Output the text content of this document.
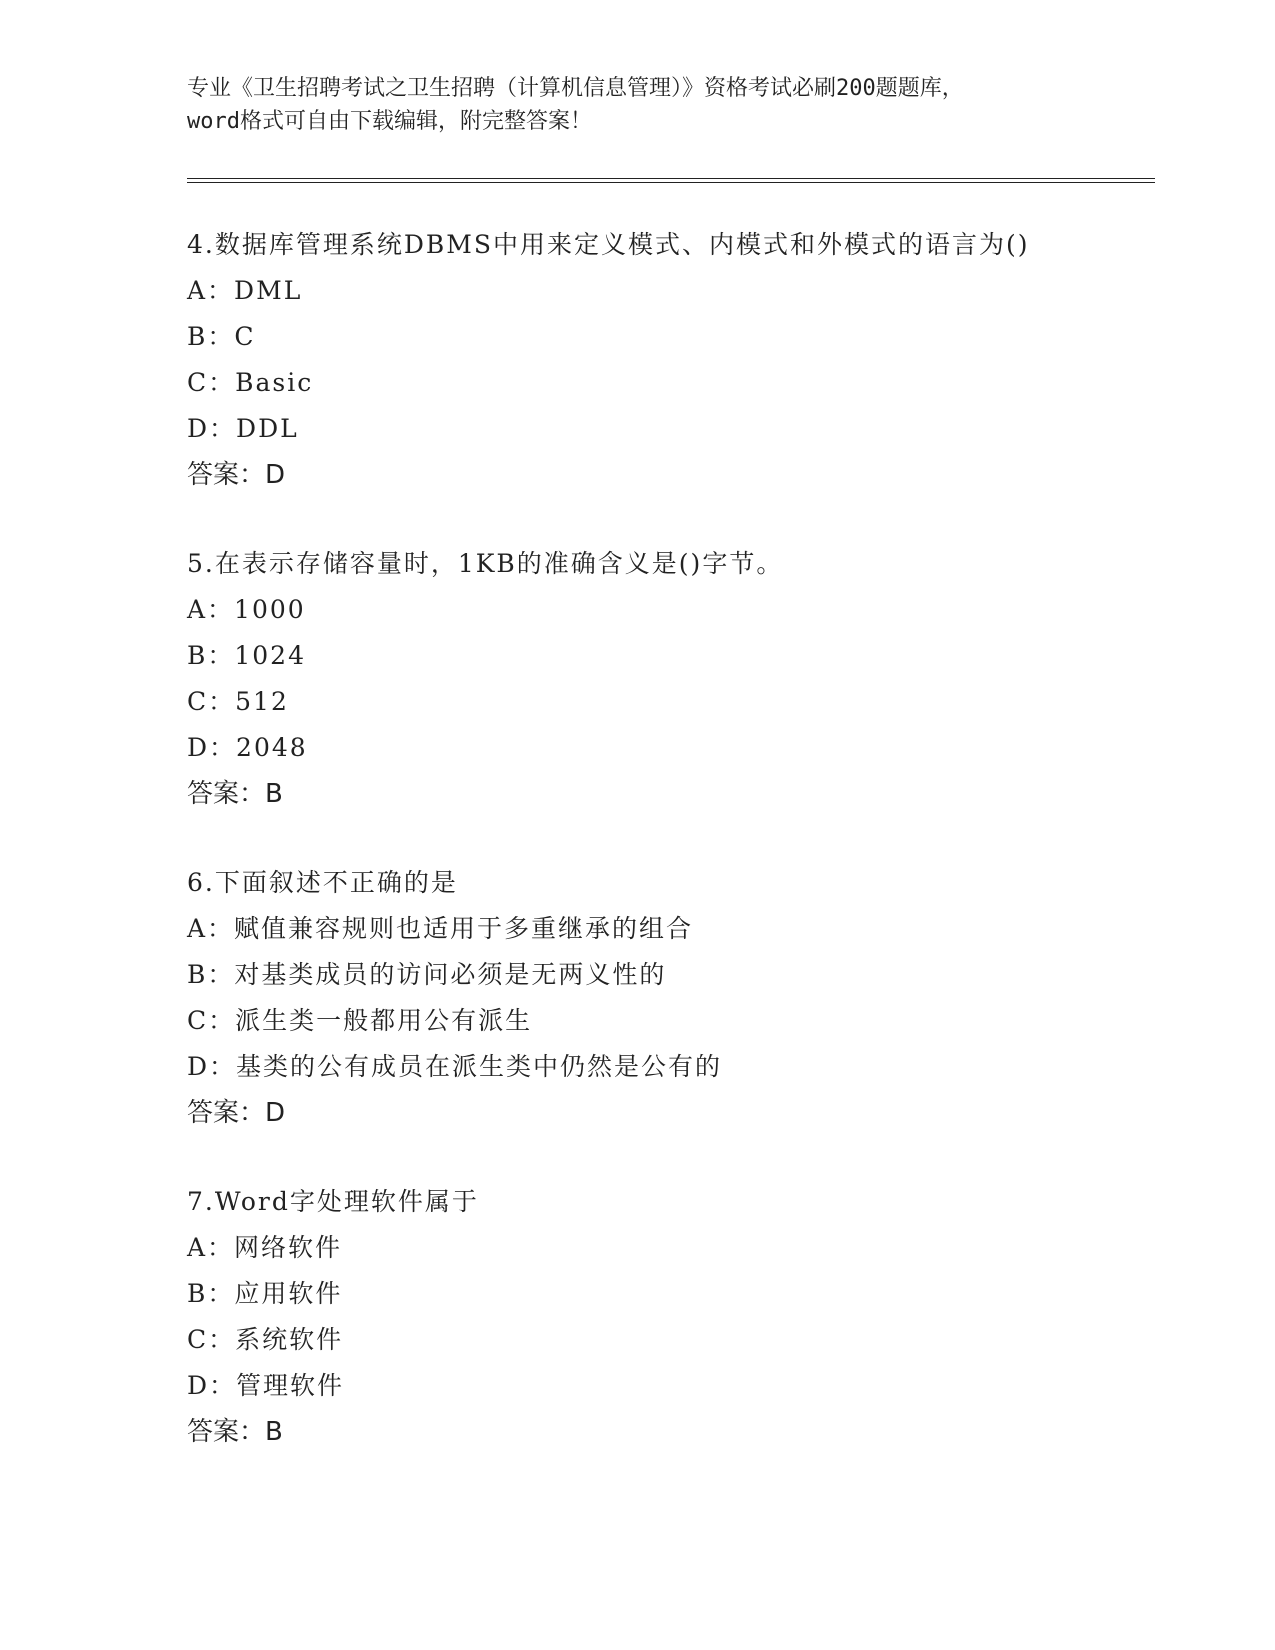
专业《卫生招聘考试之卫生招聘（计算机信息管理）》资格考试必刷200题题库，
word格式可自由下载编辑，附完整答案！
4.数据库管理系统DBMS中用来定义模式、内模式和外模式的语言为()
A：DML
B：C
C：Basic
D：DDL
答案：D
5.在表示存储容量时，1KB的准确含义是()字节。
A：1000
B：1024
C：512
D：2048
答案：B
6.下面叙述不正确的是
A：赋值兼容规则也适用于多重继承的组合
B：对基类成员的访问必须是无两义性的
C：派生类一般都用公有派生
D：基类的公有成员在派生类中仍然是公有的
答案：D
7.Word字处理软件属于
A：网络软件
B：应用软件
C：系统软件
D：管理软件
答案：B
